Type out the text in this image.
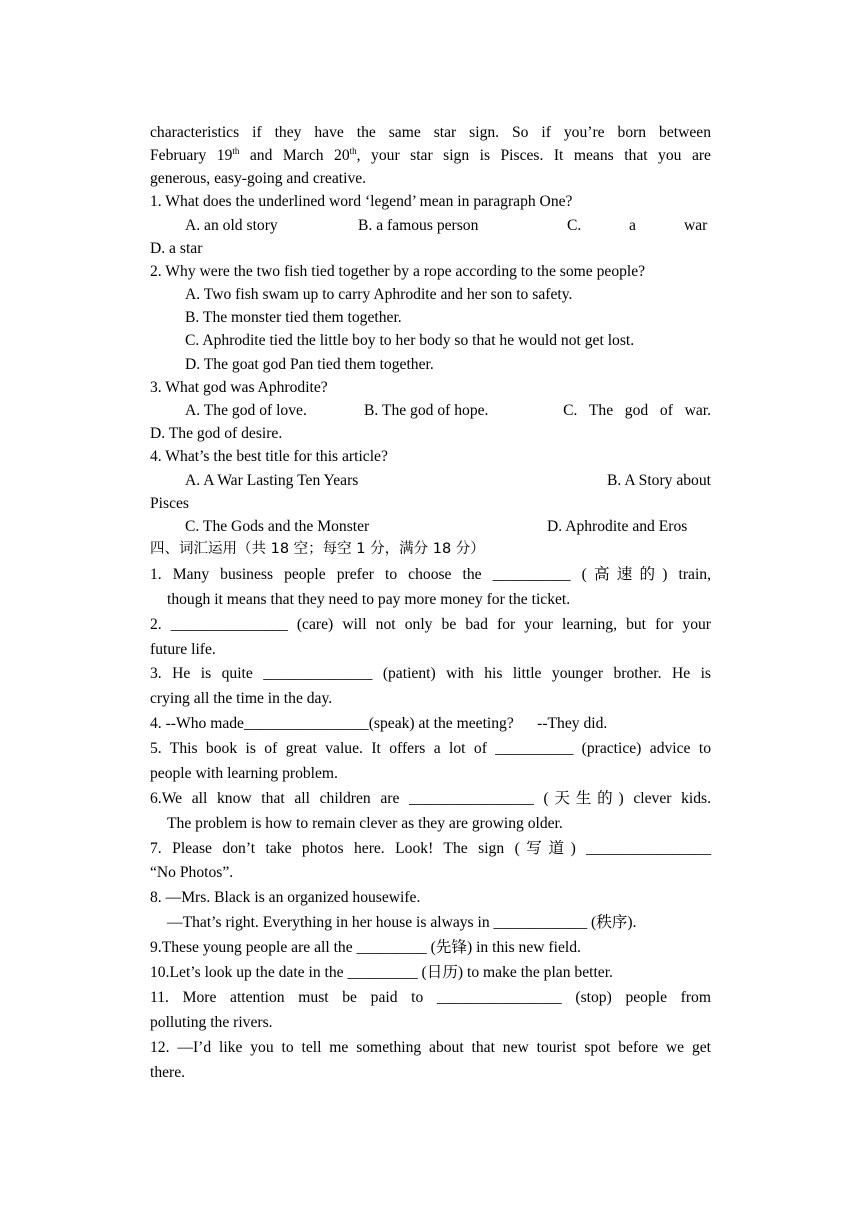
characteristics if they have the same star sign. So if you’re born between
February 19th and March 20th, your star sign is Pisces. It means that you are
generous, easy-going and creative.
1. What does the underlined word ‘legend’ mean in paragraph One?
A. an old story	B. a famous person	C.	a	war
D. a star
2. Why were the two fish tied together by a rope according to the some people?
A. Two fish swam up to carry Aphrodite and her son to safety.
B. The monster tied them together.
C. Aphrodite tied the little boy to her body so that he would not get lost.
D. The goat god Pan tied them together.
3. What god was Aphrodite?
A. The god of love.	B. The god of hope.	C.   The   god   of   war.
D. The god of desire.
4. What’s the best title for this article?
A. A War Lasting Ten Years	B. A Story about
Pisces
C. The Gods and the Monster	D. Aphrodite and Eros
四、词汇运用（共 18 空；每空 1 分，满分 18 分）
1. Many business people prefer to choose the __________ (高速的) train,
though it means that they need to pay more money for the ticket.
2. _______________ (care) will not only be bad for your learning, but for your
future life.
3. He is quite ______________ (patient) with his little younger brother. He is
crying all the time in the day.
4. --Who made________________(speak) at the meeting?      --They did.
5. This book is of great value. It offers a lot of __________ (practice) advice to
people with learning problem.
6.We all know that all children are ________________ (天生的) clever kids.
The problem is how to remain clever as they are growing older.
7. Please don’t take photos here. Look! The sign (写道) ________________
“No Photos”.
8. —Mrs. Black is an organized housewife.
—That’s right. Everything in her house is always in ____________ (秩序).
9.These young people are all the _________ (先锋) in this new field.
10.Let’s look up the date in the _________ (日历) to make the plan better.
11. More attention must be paid to ________________ (stop) people from
polluting the rivers.
12. —I’d like you to tell me something about that new tourist spot before we get
there.
